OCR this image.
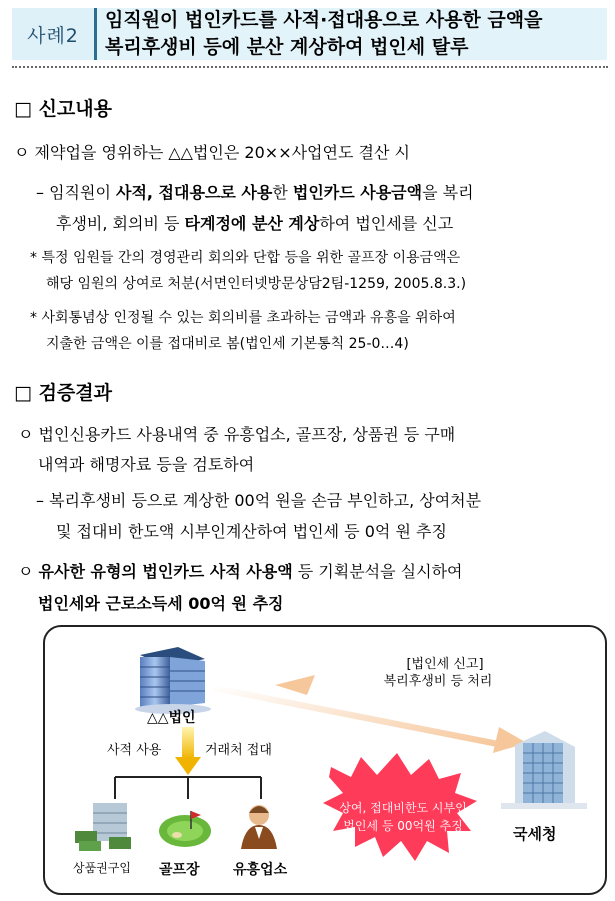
사례2
임직원이 법인카드를 사적·접대용으로 사용한 금액을
복리후생비 등에 분산 계상하여 법인세 탈루
□ 신고내용
ㅇ 제약업을 영위하는 △△법인은 20××사업연도 결산 시
– 임직원이 사적, 접대용으로 사용한 법인카드 사용금액을 복리
후생비, 회의비 등 타계정에 분산 계상하여 법인세를 신고
* 특정 임원들 간의 경영관리 회의와 단합 등을 위한 골프장 이용금액은
해당 임원의 상여로 처분(서면인터넷방문상담2팀-1259, 2005.8.3.)
* 사회통념상 인정될 수 있는 회의비를 초과하는 금액과 유흥을 위하여
지출한 금액은 이를 접대비로 봄(법인세 기본통칙 25-0…4)
□ 검증결과
ㅇ 법인신용카드 사용내역 중 유흥업소, 골프장, 상품권 등 구매
내역과 해명자료 등을 검토하여
– 복리후생비 등으로 계상한 00억 원을 손금 부인하고, 상여처분
및 접대비 한도액 시부인계산하여 법인세 등 0억 원 추징
ㅇ 유사한 유형의 법인카드 사적 사용액 등 기획분석을 실시하여
법인세와 근로소득세 00억 원 추징
[법인세 신고]
복리후생비 등 처리
△△법인
사적 사용	거래처 접대
상여, 접대비한도 시부인
법인세 등 00억원 추징	국세청
상품권구입 골프장 유흥업소
